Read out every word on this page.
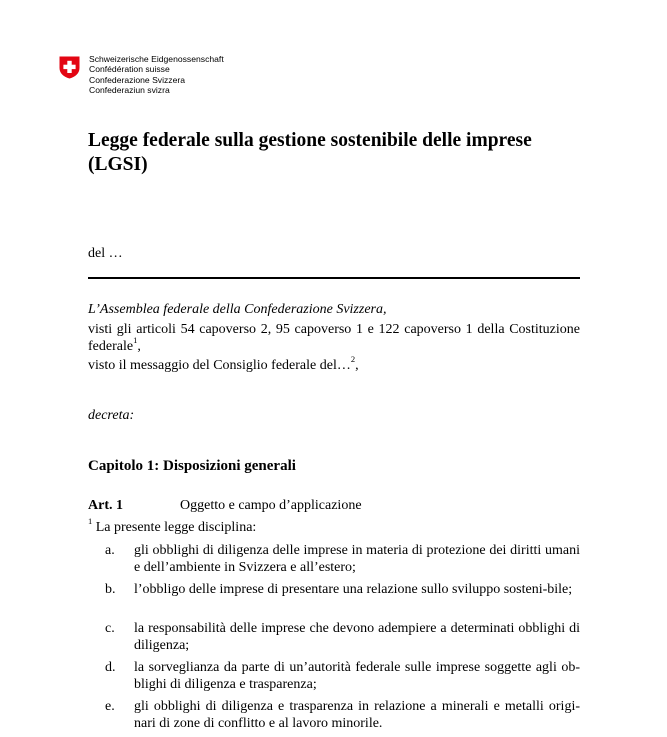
Schweizerische Eidgenossenschaft
Confédération suisse
Confederazione Svizzera
Confederaziun svizra
Legge federale sulla gestione sostenibile delle imprese (LGSI)
del …
L’Assemblea federale della Confederazione Svizzera,

visti gli articoli 54 capoverso 2, 95 capoverso 1 e 122 capoverso 1 della Costituzione federale$^1$,

visto il messaggio del Consiglio federale del…$^2$,

decreta:
Capitolo 1: Disposizioni generali
Art. 1	Oggetto e campo d’applicazione
$^1$ La presente legge disciplina:
a.	gli obblighi di diligenza delle imprese in materia di protezione dei diritti umani e dell’ambiente in Svizzera e all’estero;
b.	l’obbligo delle imprese di presentare una relazione sullo sviluppo sosteni-bile;
c.	la responsabilità delle imprese che devono adempiere a determinati obblighi di diligenza;
d.	la sorveglianza da parte di un’autorità federale sulle imprese soggette agli ob-blighi di diligenza e trasparenza;
e.	gli obblighi di diligenza e trasparenza in relazione a minerali e metalli origi-nari di zone di conflitto e al lavoro minorile.
